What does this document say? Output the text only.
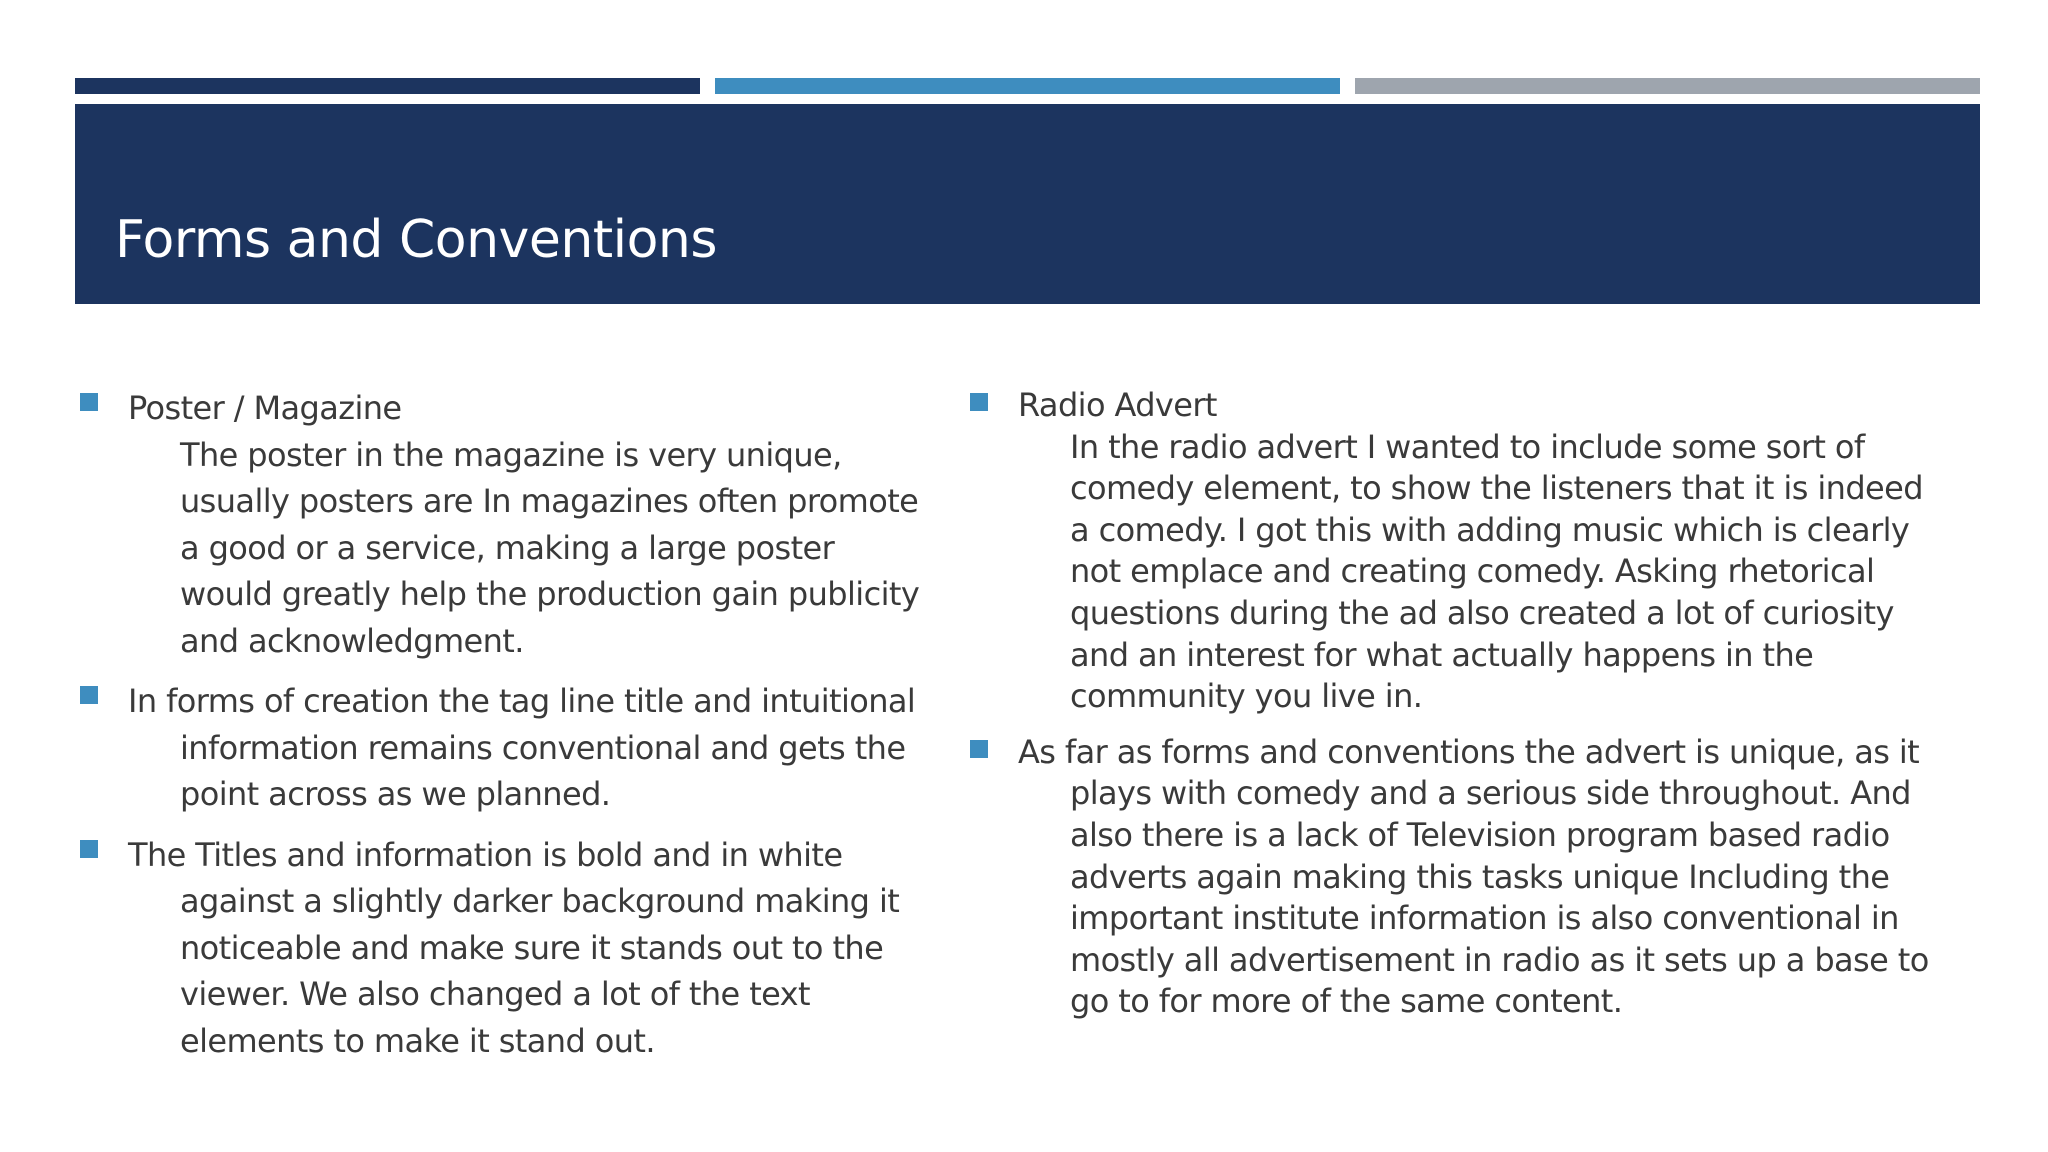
Forms and Conventions
Poster / Magazine
The poster in the magazine is very unique,
usually posters are In magazines often promote
a good or a service, making a large poster
would greatly help the production gain publicity
and acknowledgment.
In forms of creation the tag line title and intuitional
information remains conventional and gets the
point across as we planned.
The Titles and information is bold and in white
against a slightly darker background making it
noticeable and make sure it stands out to the
viewer. We also changed a lot of the text
elements to make it stand out.
Radio Advert
In the radio advert I wanted to include some sort of
comedy element, to show the listeners that it is indeed
a comedy. I got this with adding music which is clearly
not emplace and creating comedy. Asking rhetorical
questions during the ad also created a lot of curiosity
and an interest for what actually happens in the
community you live in.
As far as forms and conventions the advert is unique, as it
plays with comedy and a serious side throughout. And
also there is a lack of Television program based radio
adverts again making this tasks unique Including the
important institute information is also conventional in
mostly all advertisement in radio as it sets up a base to
go to for more of the same content.
